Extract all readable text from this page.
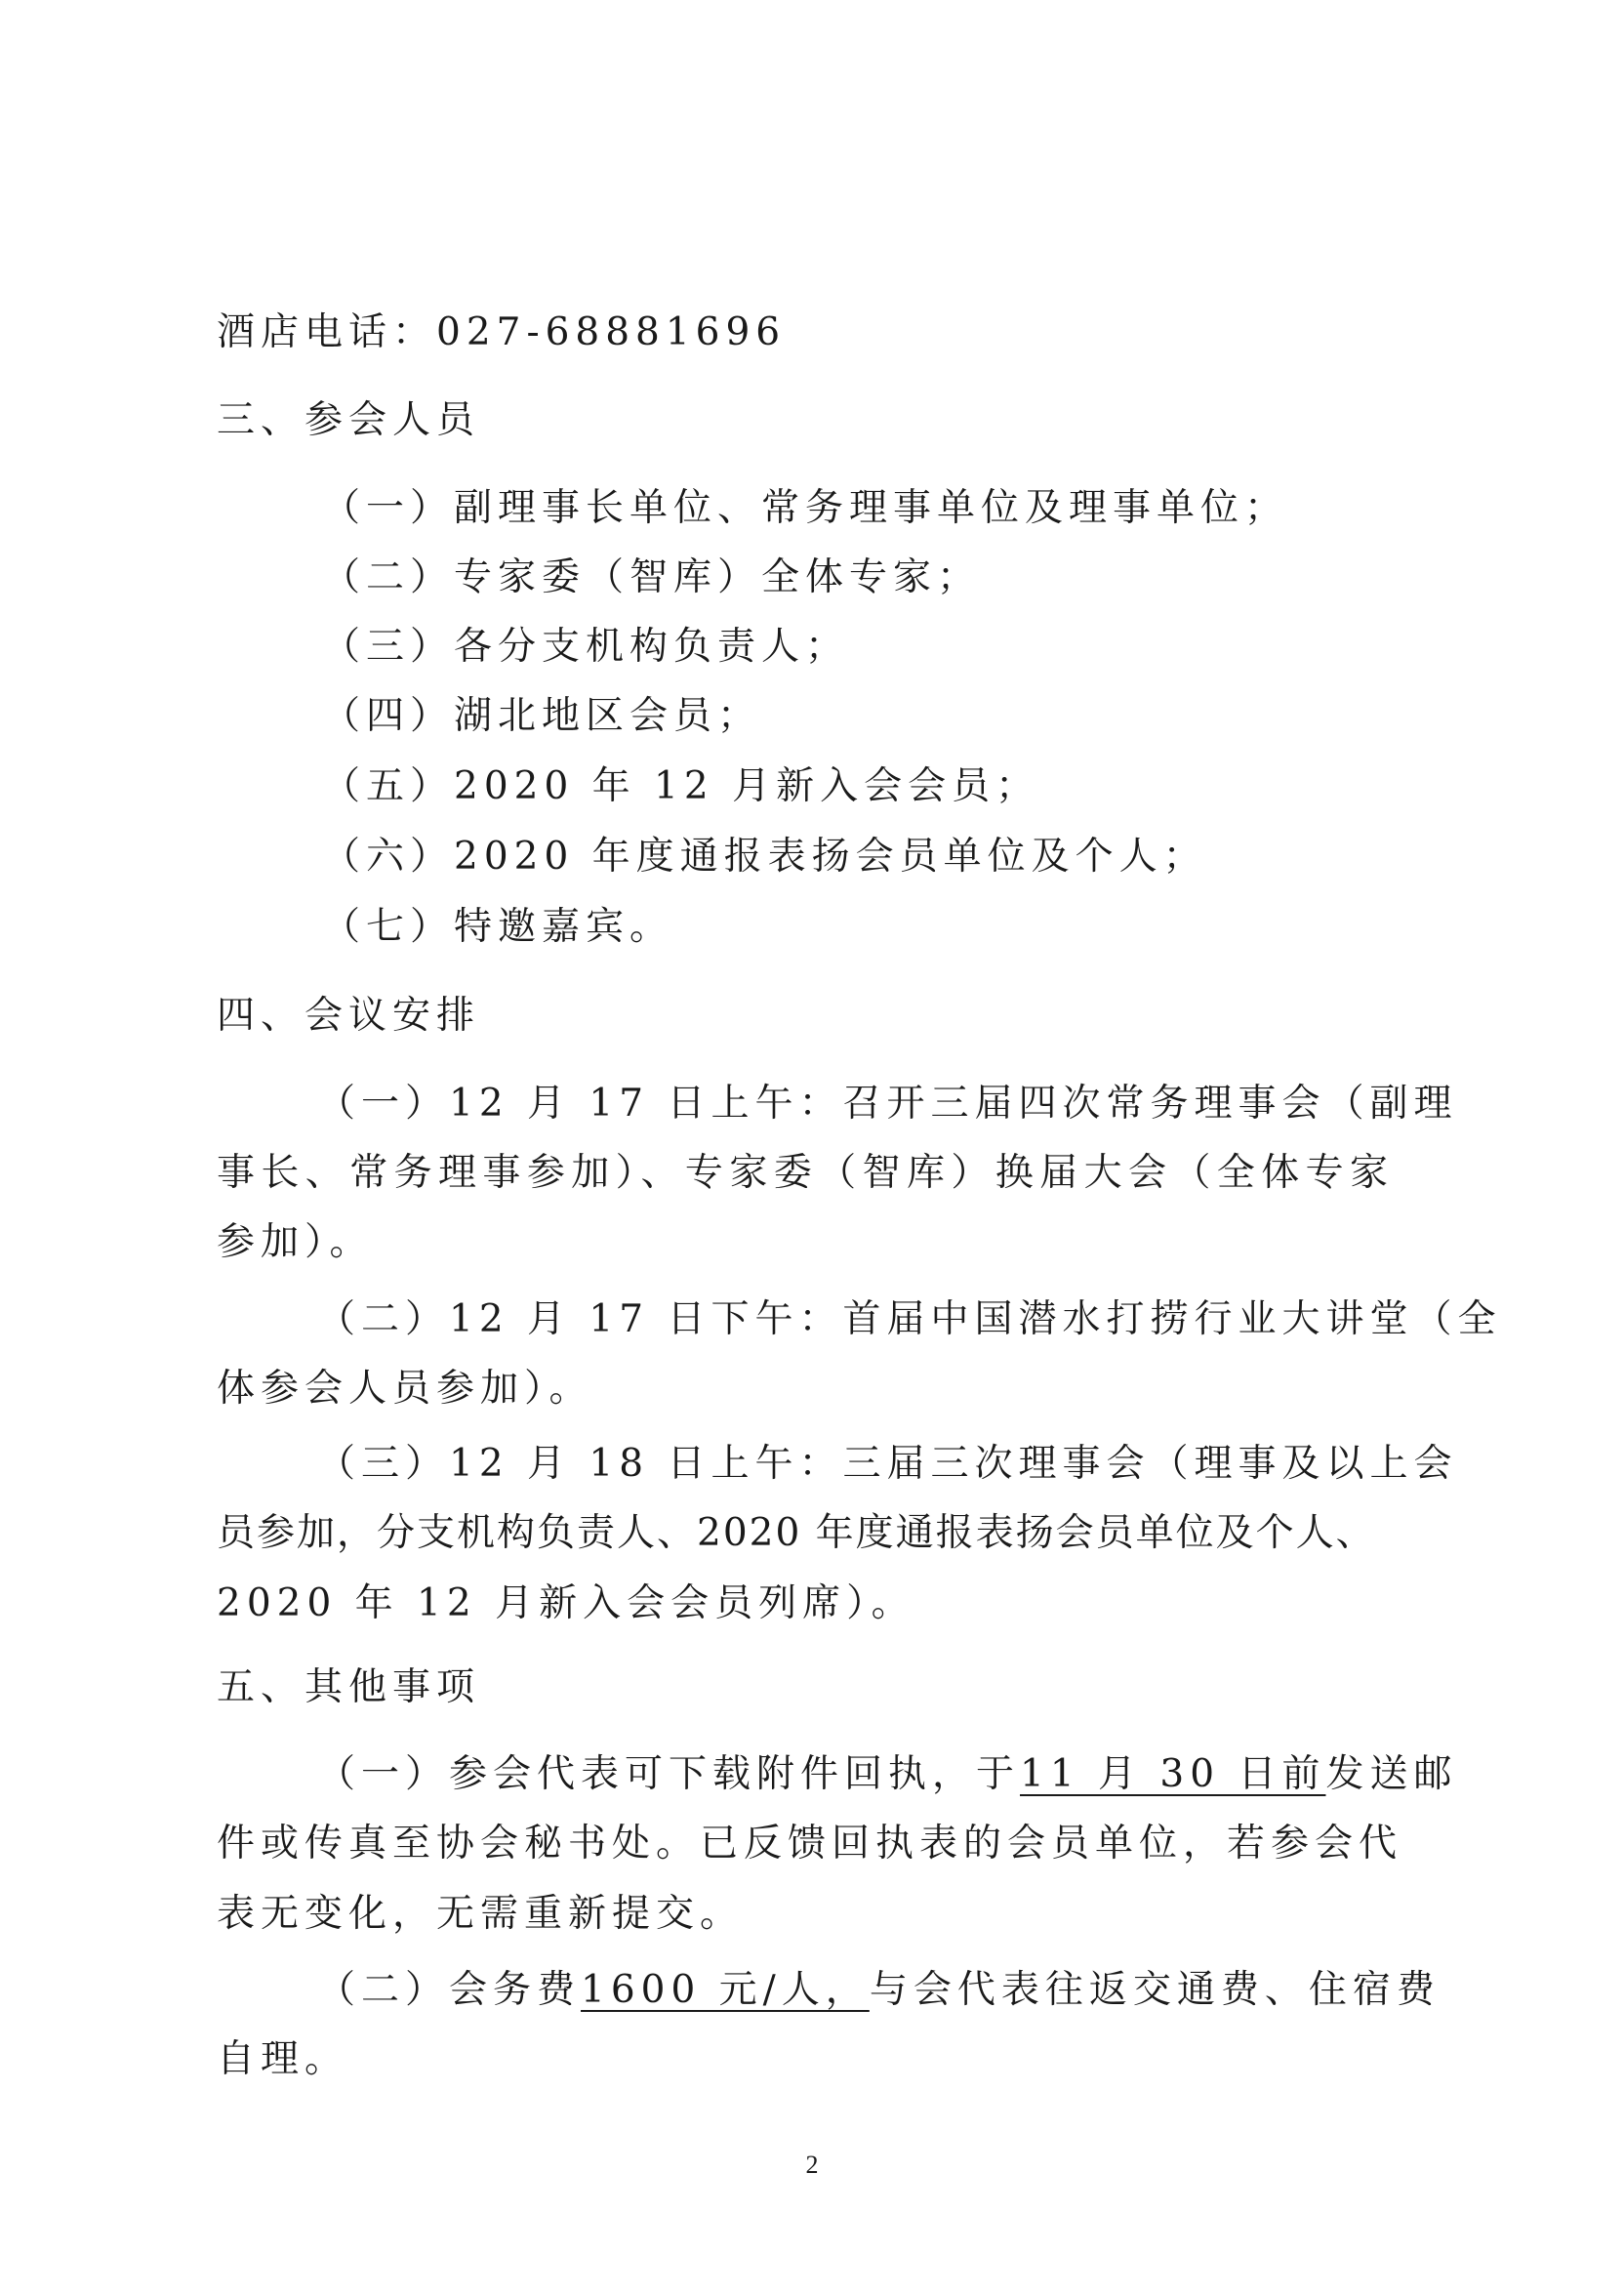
酒店电话：027-68881696
三、参会人员
（一）副理事长单位、常务理事单位及理事单位；
（二）专家委（智库）全体专家；
（三）各分支机构负责人；
（四）湖北地区会员；
（五）2020 年 12 月新入会会员；
（六）2020 年度通报表扬会员单位及个人；
（七）特邀嘉宾。
四、会议安排
（一）12 月 17 日上午：召开三届四次常务理事会（副理
事长、常务理事参加）、专家委（智库）换届大会（全体专家
参加）。
（二）12 月 17 日下午：首届中国潜水打捞行业大讲堂（全
体参会人员参加）。
（三）12 月 18 日上午：三届三次理事会（理事及以上会
员参加，分支机构负责人、2020 年度通报表扬会员单位及个人、
2020 年 12 月新入会会员列席）。
五、其他事项
（一）参会代表可下载附件回执，于11 月 30 日前发送邮
件或传真至协会秘书处。已反馈回执表的会员单位，若参会代
表无变化，无需重新提交。
（二）会务费1600 元/人，与会代表往返交通费、住宿费
自理。
2
